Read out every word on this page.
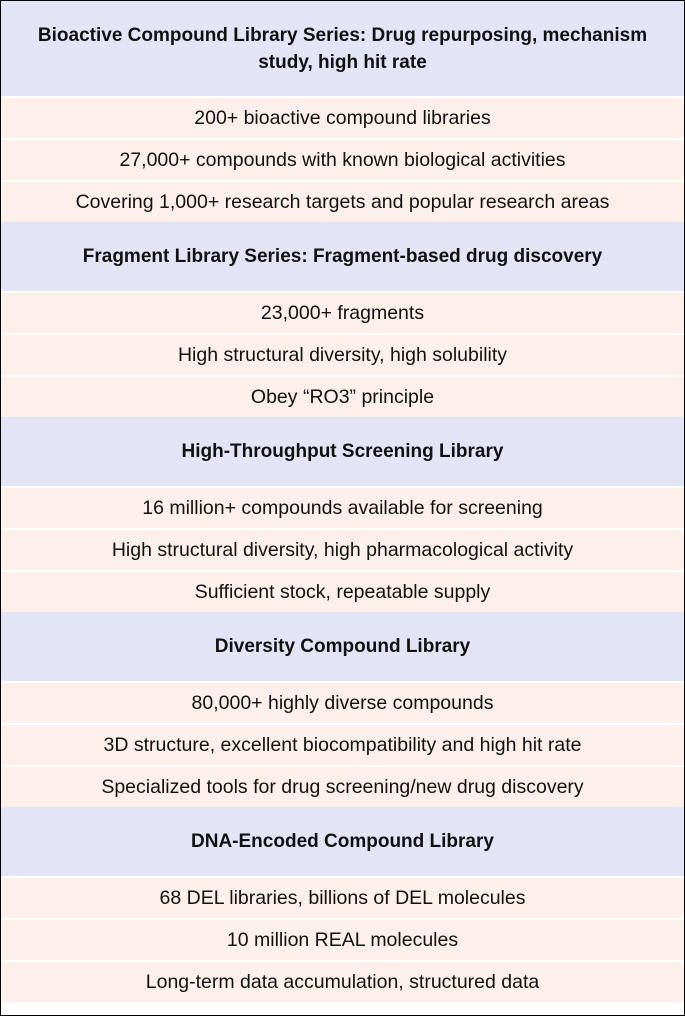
Bioactive Compound Library Series: Drug repurposing, mechanism study, high hit rate
200+ bioactive compound libraries
27,000+ compounds with known biological activities
Covering 1,000+ research targets and popular research areas
Fragment Library Series: Fragment-based drug discovery
23,000+ fragments
High structural diversity, high solubility
Obey “RO3” principle
High-Throughput Screening Library
16 million+ compounds available for screening
High structural diversity, high pharmacological activity
Sufficient stock, repeatable supply
Diversity Compound Library
80,000+ highly diverse compounds
3D structure, excellent biocompatibility and high hit rate
Specialized tools for drug screening/new drug discovery
DNA-Encoded Compound Library
68 DEL libraries, billions of DEL molecules
10 million REAL molecules
Long-term data accumulation, structured data
